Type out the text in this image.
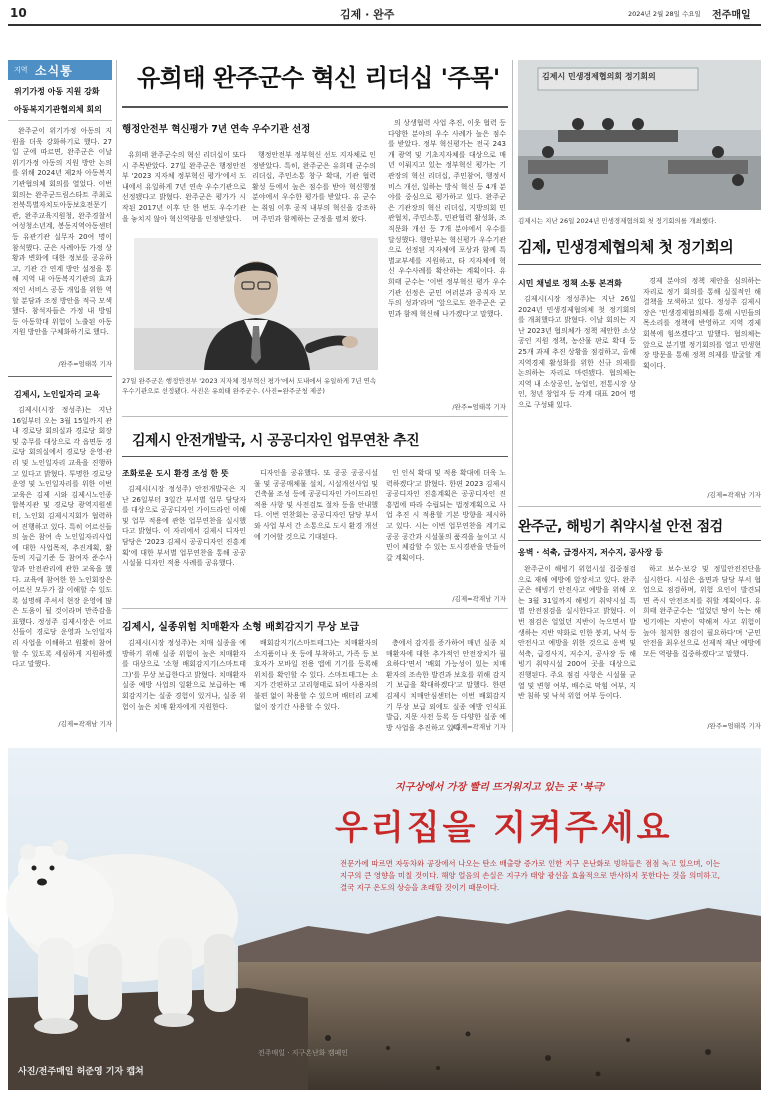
10	김제 · 완주	2024년 2월 28일 수요일 전주매일
지역 소식통
위기가정 아동 지원 강화
아동복지기관협의체 회의

완주군이 위기가정 아동의 지원을 더욱 강화하기로 했다. 27일 군에 따르면, 완주군은 이날 위기가정 아동의 지원 방안 논의를 위해 2024년 제2차 아동복지기관협의체 회의를 열었다. 이번 회의는 완주군드림스타트 주최로 전북특별자치도아동보호전문기관, 완주교육지원청, 완주경찰서여성청소년계, 봉동지역아동센터 등 유관기관 실무자 20여 명이 참석했다. 군은 사례아동 가정 상황과 변화에 대한 정보를 공유하고, 기관 간 연계 방안 설정을 통해 지역 내 아동복지기관의 효과적인 서비스 공동 개입을 위한 역할 분담과 조정 방안을 적극 모색했다. 참석자들은 가정 내 방임 등 아동학대 위험이 노출된 아동 지원 방안을 구체화하기로 했다.

/완주=엄태복 기자
김제시, 노인일자리 교육

김제시(시장 정성주)는 지난 16일부터 오는 3월 15일까지 관내 경로당 회의실과 경로당 회장 및 총무를 대상으로 각 읍면동 경로당 회의실에서 경로당 운영·관리 및 노인일자리 교육을 진행하고 있다고 밝혔다. 투명한 경로당 운영 및 노인일자리를 위한 이번 교육은 김제 시와 김제시노인종합복지관 및 경로당 광역지원센터, 노인회 김제시지회가 협력하여 진행하고 있다. 특히 어르신들의 높은 참여 속 노인일자리사업에 대한 사업목적, 추진계획, 활동비 지급기준 등 참여자 준수사항과 안전관리에 관한 교육을 했다. 교육에 참여한 한 노인회장은 어르신 모두가 잘 이해할 수 있도록 설명해 주셔서 현장 운영에 많은 도움이 될 것이라며 만족감을 표했다. 정성주 김제시장은 어르신들이 경로당 운영과 노인일자리 사업을 이해하고 원활히 참여할 수 있도록 세심하게 지원하겠다고 말했다.

/김제=곽재남 기자
유희태 완주군수 혁신 리더십 '주목'
행정안전부 혁신평가 7년 연속 우수기관 선정

유희태 완주군수의 혁신 리더십이 또다시 주목받았다. 27일 완주군은 행정안전부 '2023 지자체 정부혁신 평가'에서 도내에서 유일하게 7년 연속 우수기관으로 선정됐다고 밝혔다. 완주군은 평가가 시작된 2017년 이후 단 한 번도 우수기관을 놓치지 않아 혁신역량을 인정받았다.

행정안전부 정부혁신 선도 지자체로 인정받았다. 특히, 완주군은 유희태 군수의 리더십, 주민소통 창구 확대, 기관 협력 활성 등에서 높은 점수를 받아 혁신행정 분야에서 우수한 평가를 받았다. 유 군수는 취임 이후 공직 내부의 혁신을 강조하며 주민과 함께하는 군정을 펼쳐 왔다.

의 상생협력 사업 추진, 이웃 협력 등 다양한 분야의 우수 사례가 높은 점수를 받았다. 정부 혁신평가는 전국 243개 광역 및 기초지자체를 대상으로 매년 이뤄지고 있는 정부혁신 평가는 기관장의 혁신 리더십, 주민참여, 행정서비스 개선, 일하는 방식 혁신 등 4개 분야를 중심으로 평가하고 있다. 완주군은 기관장의 혁신 리더십, 지방의회 민관협치, 주민소통, 민관협력 활성화, 조직문화 개선 등 7개 분야에서 우수를 달성했다. 행안부는 혁신평가 우수기관으로 선정된 지자체에 포상과 함께 특별교부세를 지원하고, 타 지자체에 혁신 우수사례를 확산하는 계획이다. 유희태 군수는 '이번 정부혁신 평가 우수기관 선정은 군민 여러분과 공직자 모두의 성과'라며 '앞으로도 완주군은 군민과 함께 혁신해 나가겠다'고 말했다.

/완주=엄태복 기자
27일 완주군은 행정안전부 '2023 지자체 정부혁신 평가'에서 도내에서 유일하게 7년 연속 우수기관으로 선정됐다. 사진은 유희태 완주군수. (사진=완주군청 제공)
김제시 민생경제협의회 정기회의
김제시는 지난 26일 2024년 민생경제협의회 첫 정기회의를 개최했다.
김제, 민생경제협의체 첫 정기회의
시민 채널로 정책 소통 본격화

김제시(시장 정성주)는 지난 26일 2024년 민생경제협의체 첫 정기회의를 개최했다고 밝혔다. 이날 회의는 지난 2023년 협의체가 정책 제안한 소상공인 지원 정책, 농산물 판로 확대 등 25개 과제 추진 상황을 점검하고, 올해 지역경제 활성화를 위한 신규 의제를 논의하는 자리로 마련됐다. 협의체는 지역 내 소상공인, 농업인, 전통시장 상인, 청년 창업자 등 각계 대표 20여 명으로 구성돼 있다.

경제 분야의 정책 제안을 심의하는 자리로 정기 회의를 통해 실질적인 해결책을 모색하고 있다. 정성주 김제시장은 '민생경제협의체를 통해 시민들의 목소리를 정책에 반영하고 지역 경제 회복에 힘쓰겠다'고 말했다. 협의체는 앞으로 분기별 정기회의를 열고 민생현장 방문을 통해 정책 의제를 발굴할 계획이다.

/김제=곽재남 기자
김제시 안전개발국, 시 공공디자인 업무연찬 추진
조화로운 도시 환경 조성 한 뜻

김제시(시장 정성주) 안전개발국은 지난 26일부터 3일간 부서별 업무 담당자를 대상으로 공공디자인 가이드라인 이해 및 업무 적용에 관한 업무연찬을 실시했다고 밝혔다. 이 자리에서 김제시 디자인 담당은 '2023 김제시 공공디자인 진흥계획'에 대한 부서별 업무연찬을 통해 공공시설물 디자인 적용 사례를 공유했다.

디자인을 공유했다. 또 공공 공공시설물 및 공공매체물 설치, 시설개선사업 및 건축물 조성 등에 공공디자인 가이드라인 적용 사항 및 사전검토 절차 등을 안내했다. 이번 연찬회는 공공디자인 담당 부서와 사업 부서 간 소통으로 도시 환경 개선에 기여할 것으로 기대된다.

인 인식 확대 및 적용 확대에 더욱 노력하겠다'고 밝혔다. 한편 2023 김제시 공공디자인 진흥계획은 공공디자인 진흥법에 따라 수립되는 법정계획으로 사업 추진 시 적용할 기본 방향을 제시하고 있다. 시는 이번 업무연찬을 계기로 공공 공간과 시설물의 품격을 높이고 시민이 체감할 수 있는 도시경관을 만들어갈 계획이다.

/김제=곽재남 기자
김제시, 실종위험 치매환자 소형 배회감지기 무상 보급

김제시(시장 정성주)는 치매 실종을 예방하기 위해 실종 위험이 높은 치매환자를 대상으로 '소형 배회감지기(스마트태그)'를 무상 보급한다고 밝혔다. 치매환자 실종 예방 사업의 일환으로 보급하는 배회감지기는 실종 경험이 있거나, 실종 위험이 높은 치매 환자에게 지원한다.

배회감지기(스마트태그)는 치매환자의 소지품이나 옷 등에 부착하고, 가족 등 보호자가 모바일 전용 앱에 기기를 등록해 위치를 확인할 수 있다. 스마트태그는 소지가 간편하고 고리형태로 되어 사용자의 불편 없이 착용할 수 있으며 배터리 교체 없이 장기간 사용할 수 있다.

층에서 감지를 증가하여 매년 실종 치매환자에 대한 추가적인 안전장치가 필요하다'면서 '배회 가능성이 있는 치매환자의 조속한 발견과 보호를 위해 감지기 보급을 확대하겠다'고 말했다. 한편 김제시 치매안심센터는 이번 배회감지기 무상 보급 외에도 실종 예방 인식표 발급, 지문 사전 등록 등 다양한 실종 예방 사업을 추진하고 있다.

/김제=곽재남 기자
완주군, 해빙기 취약시설 안전 점검
옹벽 · 석축, 급경사지, 저수지, 공사장 등

완주군이 해빙기 위험시설 집중점검으로 재해 예방에 앞장서고 있다. 완주군은 해빙기 안전사고 예방을 위해 오는 3월 31일까지 해빙기 취약시설 특별 안전점검을 실시한다고 밝혔다. 이번 점검은 얼었던 지반이 녹으면서 발생하는 지반 약화로 인한 붕괴, 낙석 등 안전사고 예방을 위한 것으로 옹벽 및 석축, 급경사지, 저수지, 공사장 등 해빙기 취약시설 200여 곳을 대상으로 진행된다. 주요 점검 사항은 시설물 균열 및 변형 여부, 배수로 막힘 여부, 지반 침하 및 낙석 위험 여부 등이다.

하고 보수·보강 및 정밀안전진단을 실시한다. 시설은 읍면과 담당 부서 협업으로 점검하며, 위험 요인이 발견되면 즉시 안전조치를 취할 계획이다. 유희태 완주군수는 '얼었던 땅이 녹는 해빙기에는 지반이 약해져 사고 위험이 높아 철저한 점검이 필요하다'며 '군민 안전을 최우선으로 선제적 재난 예방에 모든 역량을 집중하겠다'고 말했다.

/완주=엄태복 기자
지구상에서 가장 빨리 뜨거워지고 있는 곳 '북극'
우리집을 지켜주세요
전문가에 따르면 자동차와 공장에서 나오는 탄소 배출량 증가로 인한 지구 온난화로 빙하들은 점점 녹고 있으며, 이는 지구의 큰 영향을 미칠 것이다. 해양 얼음의 손실은 지구가 태양 광선을 효율적으로 반사하지 못한다는 것을 의미하고, 결국 지구 온도의 상승을 초래할 것이기 때문이다.
전주매일 · 지구온난화 캠페인
사진/전주매일 허준영 기자 캡쳐
